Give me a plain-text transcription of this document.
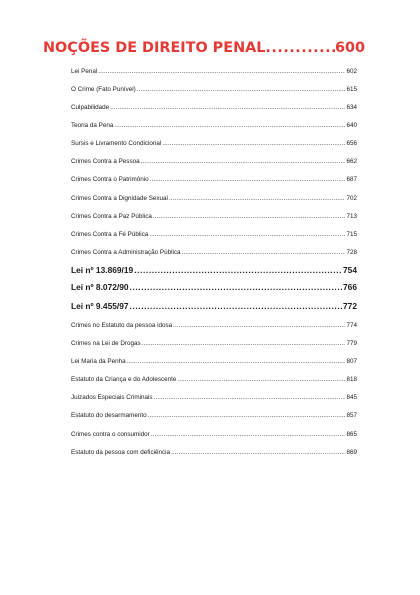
NOÇÕES DE DIREITO PENAL .....	600
Lei Penal .....	602
O Crime (Fato Punível) .....	615
Culpabilidade .....	634
Teoria da Pena .....	640
Sursis e Livramento Condicional .....	656
Crimes Contra a Pessoa .....	662
Crimes Contra o Patrimônio .....	687
Crimes Contra a Dignidade Sexual .....	702
Crimes Contra a Paz Pública .....	713
Crimes Contra a Fé Pública .....	715
Crimes Contra a Administração Pública .....	728
Lei nº 13.869/19 .....	754
Lei nº 8.072/90 .....	766
Lei nº 9.455/97 .....	772
Crimes no Estatuto da pessoa idosa .....	774
Crimes na Lei de Drogas .....	779
Lei Maria da Penha .....	807
Estatuto da Criança e do Adolescente .....	818
Juizados Especiais Criminais .....	845
Estatuto do desarmamento .....	857
Crimes contra o consumidor .....	865
Estatuto da pessoa com deficiência .....	869
